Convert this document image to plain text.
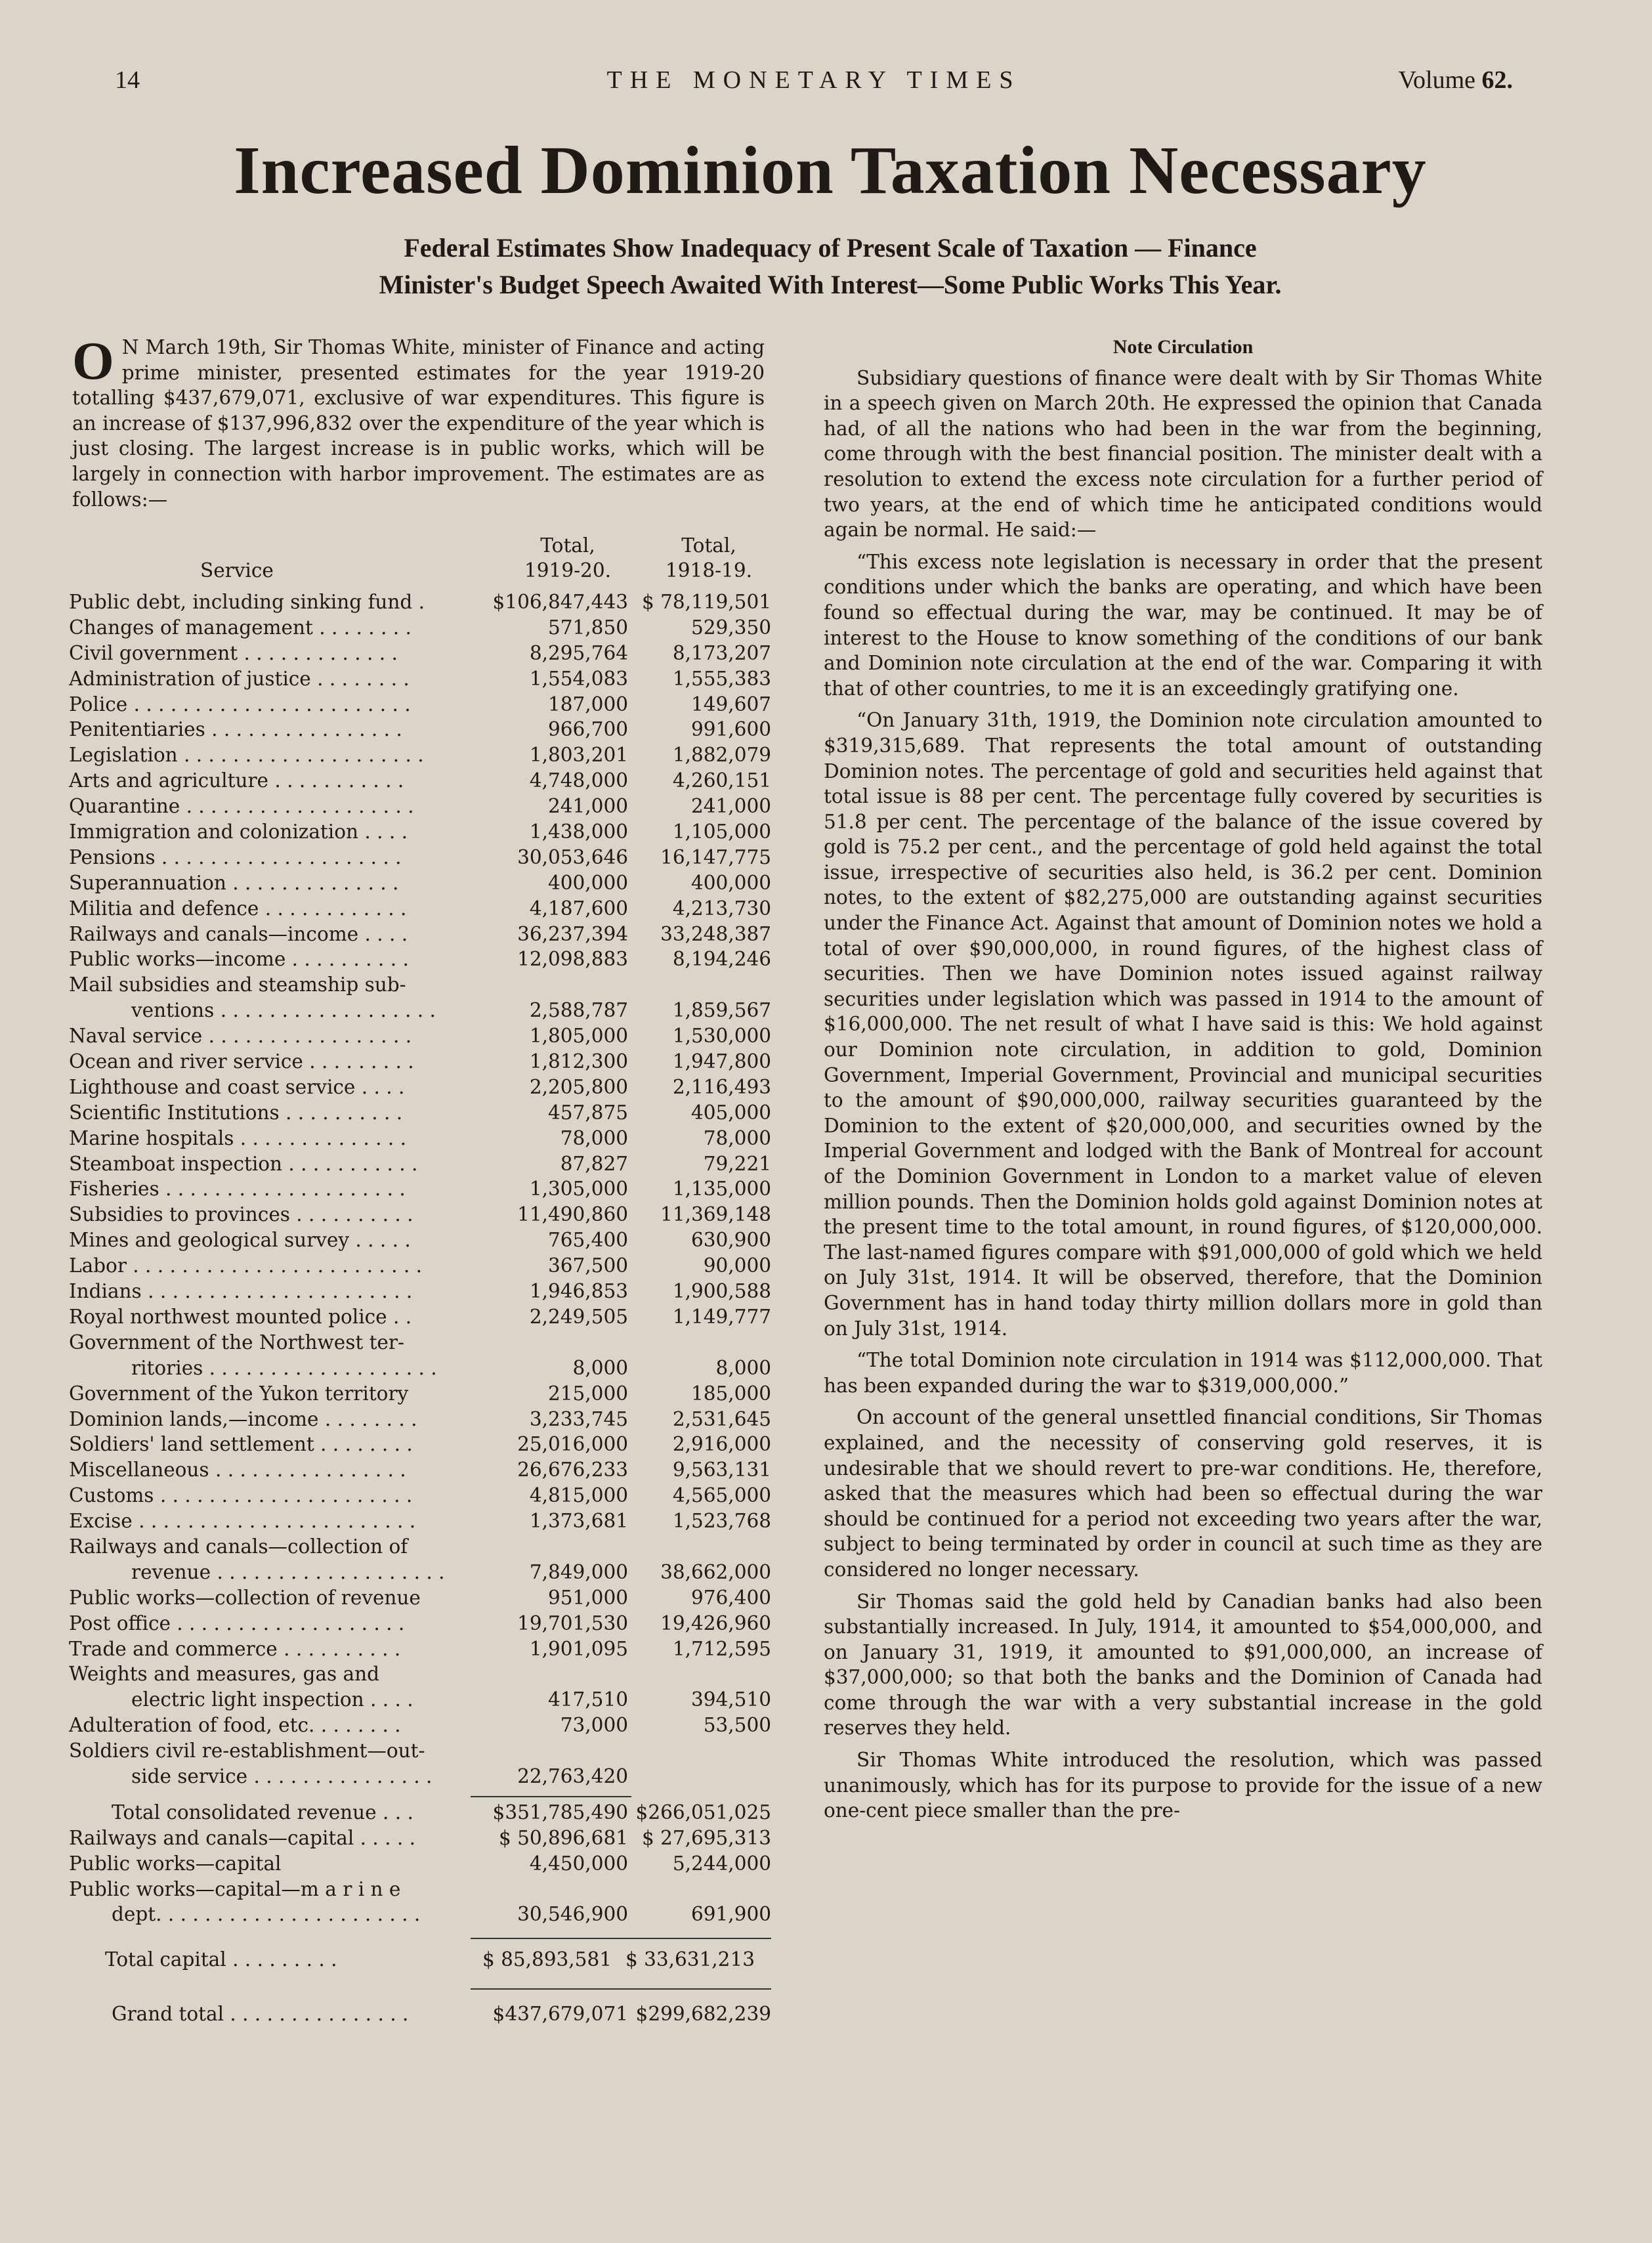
14	THE MONETARY TIMES	Volume 62.
Increased Dominion Taxation Necessary
Federal Estimates Show Inadequacy of Present Scale of Taxation — Finance
Minister's Budget Speech Awaited With Interest—Some Public Works This Year.
O N March 19th, Sir Thomas White, minister of Finance and acting prime minister, presented estimates for the year 1919-20 totalling $437,679,071, exclusive of war expenditures. This figure is an increase of $137,996,832 over the expenditure of the year which is just closing. The largest increase is in public works, which will be largely in connection with harbor improvement. The estimates are as follows:—
Service
Total,
1919-20.
Total,
1918-19.
Public debt, including sinking fund .	$106,847,443 $ 78,119,501
Changes of management . . . . . . . .	571,850	529,350
Civil government . . . . . . . . . . . . .	8,295,764 8,173,207
Administration of justice . . . . . . . .	1,554,083 1,555,383
Police . . . . . . . . . . . . . . . . . . . . . . .	187,000	149,607
Penitentiaries . . . . . . . . . . . . . . . .	966,700	991,600
Legislation . . . . . . . . . . . . . . . . . . . .	1,803,201 1,882,079
Arts and agriculture . . . . . . . . . . .	4,748,000 4,260,151
Quarantine . . . . . . . . . . . . . . . . . . .	241,000	241,000
Immigration and colonization . . . .	1,438,000 1,105,000
Pensions . . . . . . . . . . . . . . . . . . . .	30,053,646 16,147,775
Superannuation . . . . . . . . . . . . . .	400,000	400,000
Militia and defence . . . . . . . . . . . .	4,187,600 4,213,730
Railways and canals—income . . . .	36,237,394 33,248,387
Public works—income . . . . . . . . . .	12,098,883 8,194,246
Mail subsidies and steamship sub-
ventions . . . . . . . . . . . . . . . . . .	2,588,787 1,859,567
Naval service . . . . . . . . . . . . . . . . .	1,805,000 1,530,000
Ocean and river service . . . . . . . . .	1,812,300 1,947,800
Lighthouse and coast service . . . .	2,205,800 2,116,493
Scientific Institutions . . . . . . . . . .	457,875	405,000
Marine hospitals . . . . . . . . . . . . . .	78,000	78,000
Steamboat inspection . . . . . . . . . . .	87,827	79,221
Fisheries . . . . . . . . . . . . . . . . . . . .	1,305,000 1,135,000
Subsidies to provinces . . . . . . . . . .	11,490,860 11,369,148
Mines and geological survey . . . . .	765,400	630,900
Labor . . . . . . . . . . . . . . . . . . . . . . . .	367,500	90,000
Indians . . . . . . . . . . . . . . . . . . . . . .	1,946,853 1,900,588
Royal northwest mounted police . .	2,249,505 1,149,777
Government of the Northwest ter-
ritories . . . . . . . . . . . . . . . . . . .	8,000	8,000
Government of the Yukon territory	215,000	185,000
Dominion lands,—income . . . . . . . .	3,233,745 2,531,645
Soldiers' land settlement . . . . . . . .	25,016,000 2,916,000
Miscellaneous . . . . . . . . . . . . . . . .	26,676,233 9,563,131
Customs . . . . . . . . . . . . . . . . . . . . .	4,815,000 4,565,000
Excise . . . . . . . . . . . . . . . . . . . . . . .	1,373,681 1,523,768
Railways and canals—collection of
revenue . . . . . . . . . . . . . . . . . . .	7,849,000 38,662,000
Public works—collection of revenue	951,000	976,400
Post office . . . . . . . . . . . . . . . . . . .	19,701,530 19,426,960
Trade and commerce . . . . . . . . . .	1,901,095 1,712,595
Weights and measures, gas and
electric light inspection . . . .	417,510	394,510
Adulteration of food, etc. . . . . . . .	73,000	53,500
Soldiers civil re-establishment—out-
side service . . . . . . . . . . . . . . .	22,763,420
Total consolidated revenue . . .	$351,785,490 $266,051,025
Railways and canals—capital . . . . .	$ 50,896,681 $ 27,695,313
Public works—capital	4,450,000 5,244,000
Public works—capital—m a r i n e
dept. . . . . . . . . . . . . . . . . . . . . .	30,546,900	691,900
Total capital . . . . . . . . .	$ 85,893,581 $ 33,631,213
Grand total . . . . . . . . . . . . . . .	$437,679,071 $299,682,239
Note Circulation

Subsidiary questions of finance were dealt with by Sir Thomas White in a speech given on March 20th. He expressed the opinion that Canada had, of all the nations who had been in the war from the beginning, come through with the best financial position. The minister dealt with a resolution to extend the excess note circulation for a further period of two years, at the end of which time he anticipated conditions would again be normal. He said:—

“This excess note legislation is necessary in order that the present conditions under which the banks are operating, and which have been found so effectual during the war, may be continued. It may be of interest to the House to know something of the conditions of our bank and Dominion note circulation at the end of the war. Comparing it with that of other countries, to me it is an exceedingly gratifying one.

“On January 31th, 1919, the Dominion note circulation amounted to $319,315,689. That represents the total amount of outstanding Dominion notes. The percentage of gold and securities held against that total issue is 88 per cent. The percentage fully covered by securities is 51.8 per cent. The percentage of the balance of the issue covered by gold is 75.2 per cent., and the percentage of gold held against the total issue, irrespective of securities also held, is 36.2 per cent. Dominion notes, to the extent of $82,275,000 are outstanding against securities under the Finance Act. Against that amount of Dominion notes we hold a total of over $90,000,000, in round figures, of the highest class of securities. Then we have Dominion notes issued against railway securities under legislation which was passed in 1914 to the amount of $16,000,000. The net result of what I have said is this: We hold against our Dominion note circulation, in addition to gold, Dominion Government, Imperial Government, Provincial and municipal securities to the amount of $90,000,000, railway securities guaranteed by the Dominion to the extent of $20,000,000, and securities owned by the Imperial Government and lodged with the Bank of Montreal for account of the Dominion Government in London to a market value of eleven million pounds. Then the Dominion holds gold against Dominion notes at the present time to the total amount, in round figures, of $120,000,000. The last-named figures compare with $91,000,000 of gold which we held on July 31st, 1914. It will be observed, therefore, that the Dominion Government has in hand today thirty million dollars more in gold than on July 31st, 1914.

“The total Dominion note circulation in 1914 was $112,000,000. That has been expanded during the war to $319,000,000.”

On account of the general unsettled financial conditions, Sir Thomas explained, and the necessity of conserving gold reserves, it is undesirable that we should revert to pre-war conditions. He, therefore, asked that the measures which had been so effectual during the war should be continued for a period not exceeding two years after the war, subject to being terminated by order in council at such time as they are considered no longer necessary.

Sir Thomas said the gold held by Canadian banks had also been substantially increased. In July, 1914, it amounted to $54,000,000, and on January 31, 1919, it amounted to $91,000,000, an increase of $37,000,000; so that both the banks and the Dominion of Canada had come through the war with a very substantial increase in the gold reserves they held.

Sir Thomas White introduced the resolution, which was passed unanimously, which has for its purpose to provide for the issue of a new one-cent piece smaller than the pre-
